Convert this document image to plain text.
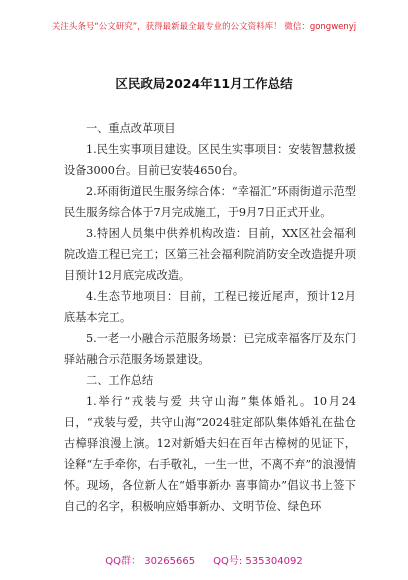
关注头条号“公文研究”，获得最新最全最专业的公文资料库！ 微信：gongwenyj
区民政局2024年11月工作总结

一、重点改革项目

1.民生实事项目建设。区民生实事项目：安装智慧救援设备3000台。目前已安装4650台。

2.环雨街道民生服务综合体：“幸福汇”环雨街道示范型民生服务综合体于7月完成施工，于9月7日正式开业。

3.特困人员集中供养机构改造：目前，XX区社会福利院改造工程已完工；区第三社会福利院消防安全改造提升项目预计12月底完成改造。

4.生态节地项目：目前，工程已接近尾声，预计12月底基本完工。

5.一老一小融合示范服务场景：已完成幸福客厅及东门驿站融合示范服务场景建设。

二、工作总结

1.举行“戎装与爱 共守山海”集体婚礼。10月24日，“戎装与爱，共守山海”2024驻定部队集体婚礼在盐仓古樟驿浪漫上演。12对新婚夫妇在百年古樟树的见证下，诠释“左手牵你，右手敬礼，一生一世，不离不弃”的浪漫情怀。现场，各位新人在“婚事新办 喜事简办”倡议书上签下自己的名字，积极响应婚事新办、文明节俭、绿色环

QQ群： 30265665 QQ号: 535304092
